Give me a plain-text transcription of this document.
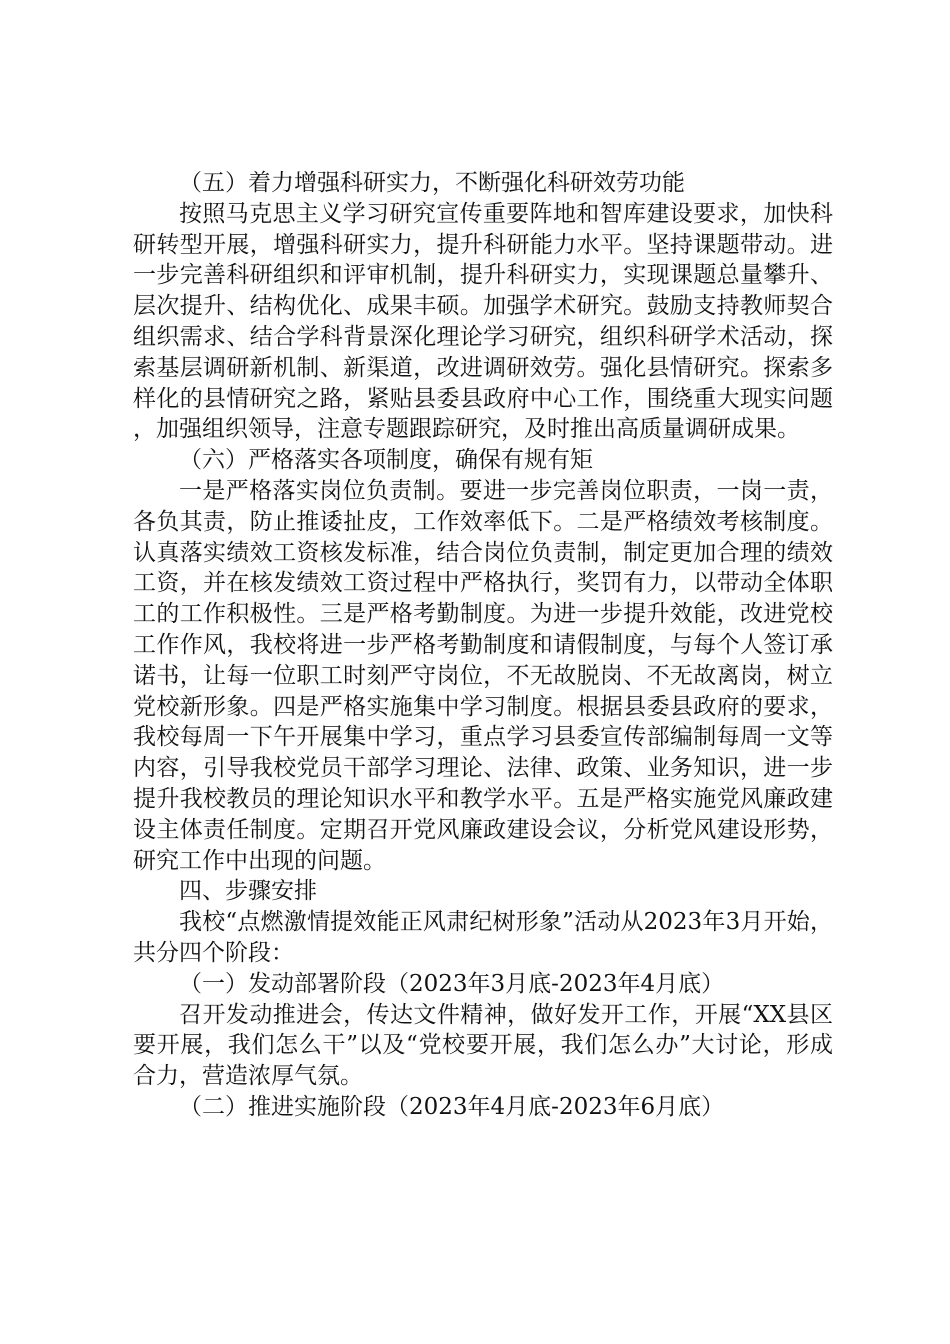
（五）着力增强科研实力，不断强化科研效劳功能

按照马克思主义学习研究宣传重要阵地和智库建设要求，加快科研转型开展，增强科研实力，提升科研能力水平。坚持课题带动。进一步完善科研组织和评审机制，提升科研实力，实现课题总量攀升、层次提升、结构优化、成果丰硕。加强学术研究。鼓励支持教师契合组织需求、结合学科背景深化理论学习研究，组织科研学术活动，探索基层调研新机制、新渠道，改进调研效劳。强化县情研究。探索多样化的县情研究之路，紧贴县委县政府中心工作，围绕重大现实问题，加强组织领导，注意专题跟踪研究，及时推出高质量调研成果。

（六）严格落实各项制度，确保有规有矩

一是严格落实岗位负责制。要进一步完善岗位职责，一岗一责，各负其责，防止推诿扯皮，工作效率低下。二是严格绩效考核制度。认真落实绩效工资核发标准，结合岗位负责制，制定更加合理的绩效工资，并在核发绩效工资过程中严格执行，奖罚有力，以带动全体职工的工作积极性。三是严格考勤制度。为进一步提升效能，改进党校工作作风，我校将进一步严格考勤制度和请假制度，与每个人签订承诺书，让每一位职工时刻严守岗位，不无故脱岗、不无故离岗，树立党校新形象。四是严格实施集中学习制度。根据县委县政府的要求，我校每周一下午开展集中学习，重点学习县委宣传部编制每周一文等内容，引导我校党员干部学习理论、法律、政策、业务知识，进一步提升我校教员的理论知识水平和教学水平。五是严格实施党风廉政建设主体责任制度。定期召开党风廉政建设会议，分析党风建设形势，研究工作中出现的问题。

四、步骤安排

我校“点燃激情提效能正风肃纪树形象”活动从2023年3月开始，共分四个阶段：

（一）发动部署阶段（2023年3月底-2023年4月底）

召开发动推进会，传达文件精神，做好发开工作，开展“XX县区要开展，我们怎么干”以及“党校要开展，我们怎么办”大讨论，形成合力，营造浓厚气氛。

（二）推进实施阶段（2023年4月底-2023年6月底）
